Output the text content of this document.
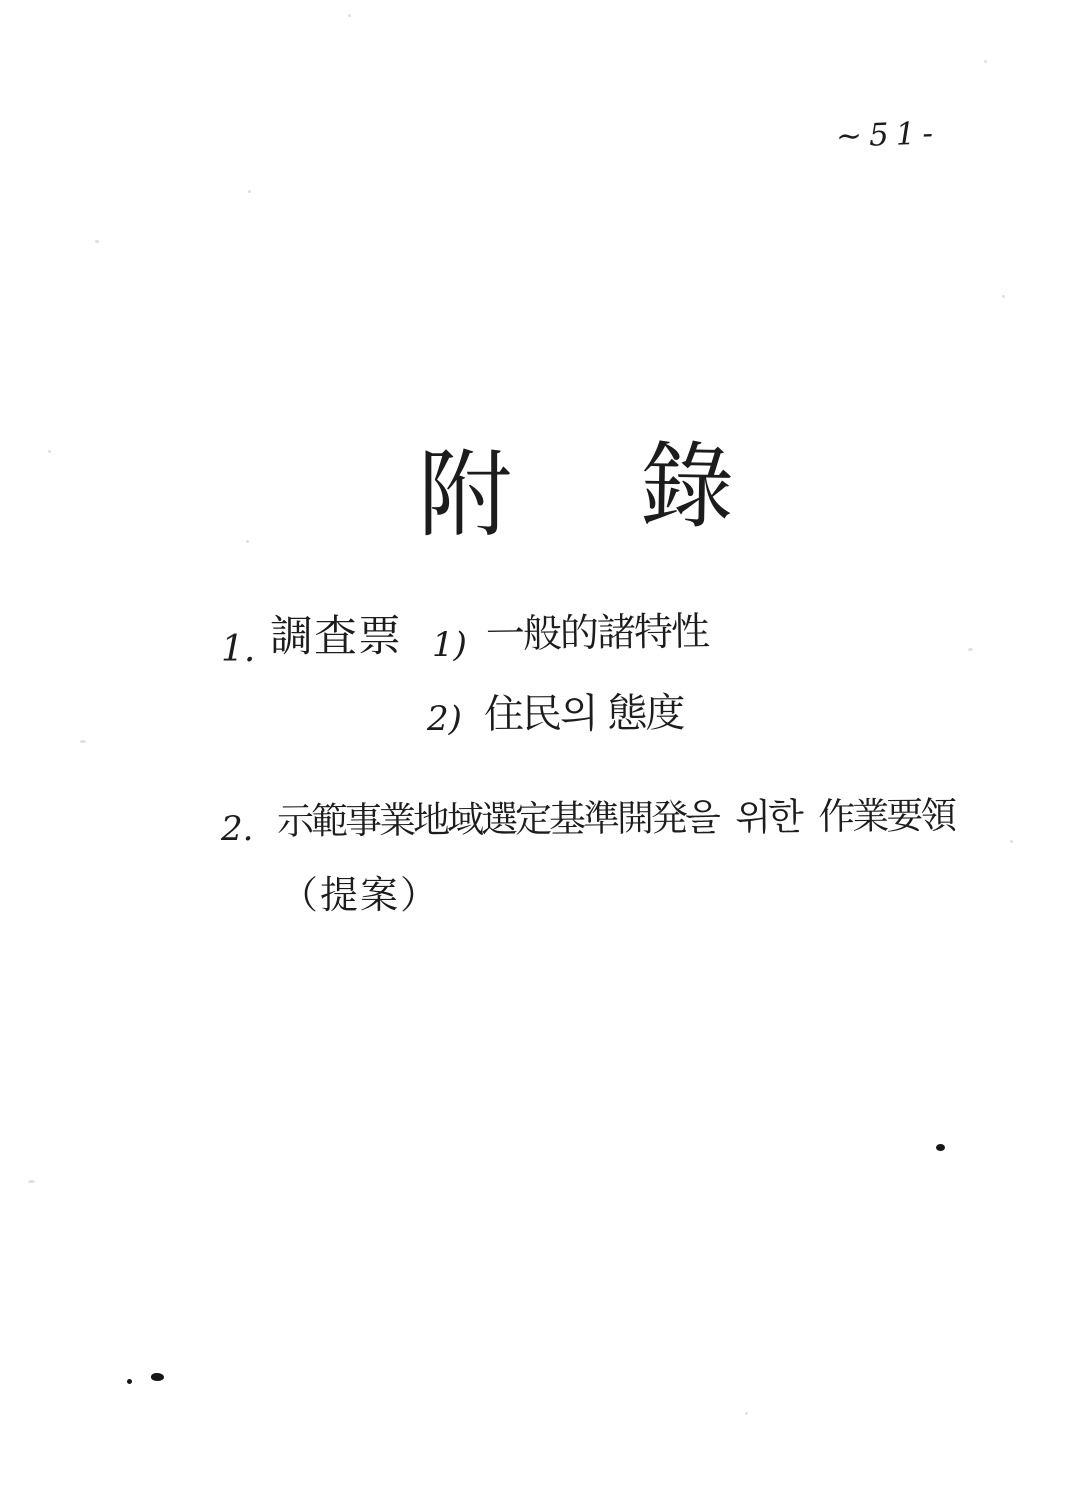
~51-
附 錄
1. 調査票 1) 一般的諸特性
2) 住民의 態度
2. 示範事業地域選定基準開発을  위한  作業要領
（提案）
